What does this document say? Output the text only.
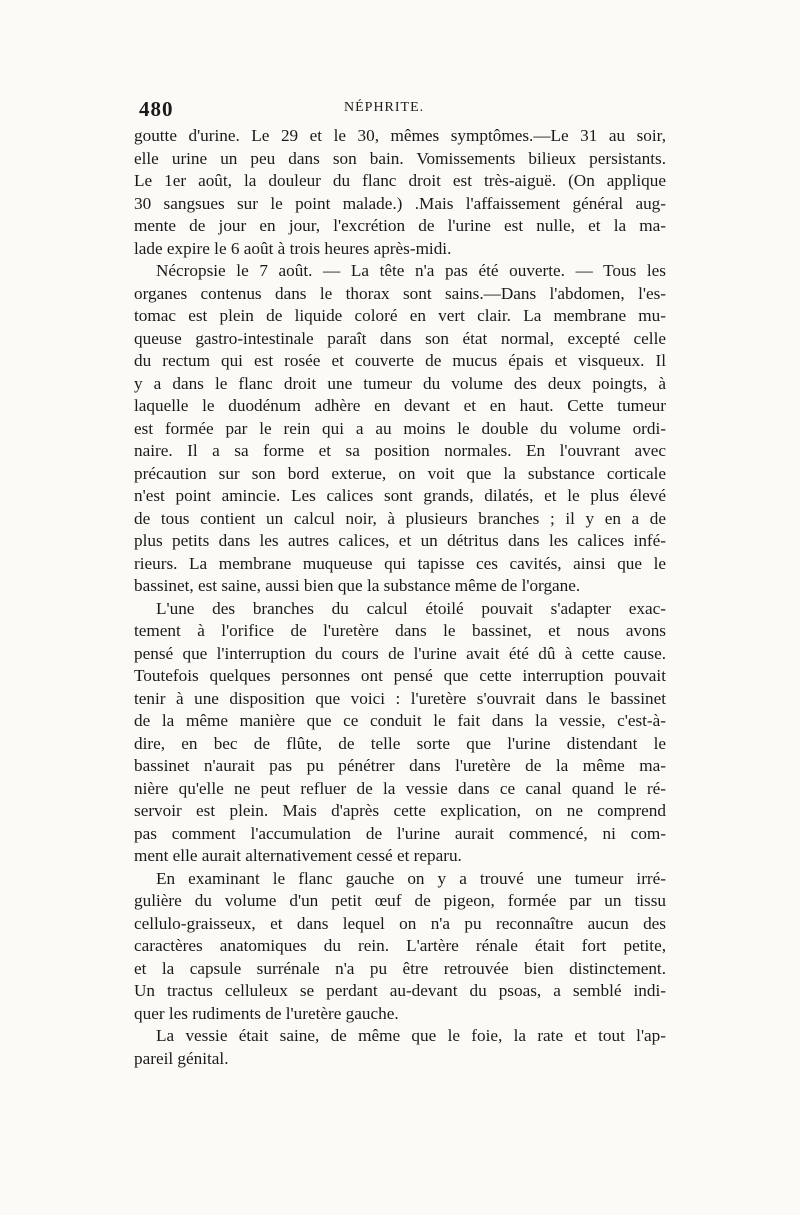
480	NÉPHRITE.
goutte d'urine. Le 29 et le 30, mêmes symptômes.—Le 31 au soir,
elle urine un peu dans son bain. Vomissements bilieux persistants.
Le 1er août, la douleur du flanc droit est très-aiguë. (On applique
30 sangsues sur le point malade.) .Mais l'affaissement général aug-
mente de jour en jour, l'excrétion de l'urine est nulle, et la ma-
lade expire le 6 août à trois heures après-midi.
Nécropsie le 7 août. — La tête n'a pas été ouverte. — Tous les
organes contenus dans le thorax sont sains.—Dans l'abdomen, l'es-
tomac est plein de liquide coloré en vert clair. La membrane mu-
queuse gastro-intestinale paraît dans son état normal, excepté celle
du rectum qui est rosée et couverte de mucus épais et visqueux. Il
y a dans le flanc droit une tumeur du volume des deux poingts, à
laquelle le duodénum adhère en devant et en haut. Cette tumeur
est formée par le rein qui a au moins le double du volume ordi-
naire. Il a sa forme et sa position normales. En l'ouvrant avec
précaution sur son bord exterue, on voit que la substance corticale
n'est point amincie. Les calices sont grands, dilatés, et le plus élevé
de tous contient un calcul noir, à plusieurs branches ; il y en a de
plus petits dans les autres calices, et un détritus dans les calices infé-
rieurs. La membrane muqueuse qui tapisse ces cavités, ainsi que le
bassinet, est saine, aussi bien que la substance même de l'organe.
L'une des branches du calcul étoilé pouvait s'adapter exac-
tement à l'orifice de l'uretère dans le bassinet, et nous avons
pensé que l'interruption du cours de l'urine avait été dû à cette cause.
Toutefois quelques personnes ont pensé que cette interruption pouvait
tenir à une disposition que voici : l'uretère s'ouvrait dans le bassinet
de la même manière que ce conduit le fait dans la vessie, c'est-à-
dire, en bec de flûte, de telle sorte que l'urine distendant le
bassinet n'aurait pas pu pénétrer dans l'uretère de la même ma-
nière qu'elle ne peut refluer de la vessie dans ce canal quand le ré-
servoir est plein. Mais d'après cette explication, on ne comprend
pas comment l'accumulation de l'urine aurait commencé, ni com-
ment elle aurait alternativement cessé et reparu.
En examinant le flanc gauche on y a trouvé une tumeur irré-
gulière du volume d'un petit œuf de pigeon, formée par un tissu
cellulo-graisseux, et dans lequel on n'a pu reconnaître aucun des
caractères anatomiques du rein. L'artère rénale était fort petite,
et la capsule surrénale n'a pu être retrouvée bien distinctement.
Un tractus celluleux se perdant au-devant du psoas, a semblé indi-
quer les rudiments de l'uretère gauche.
La vessie était saine, de même que le foie, la rate et tout l'ap-
pareil génital.
